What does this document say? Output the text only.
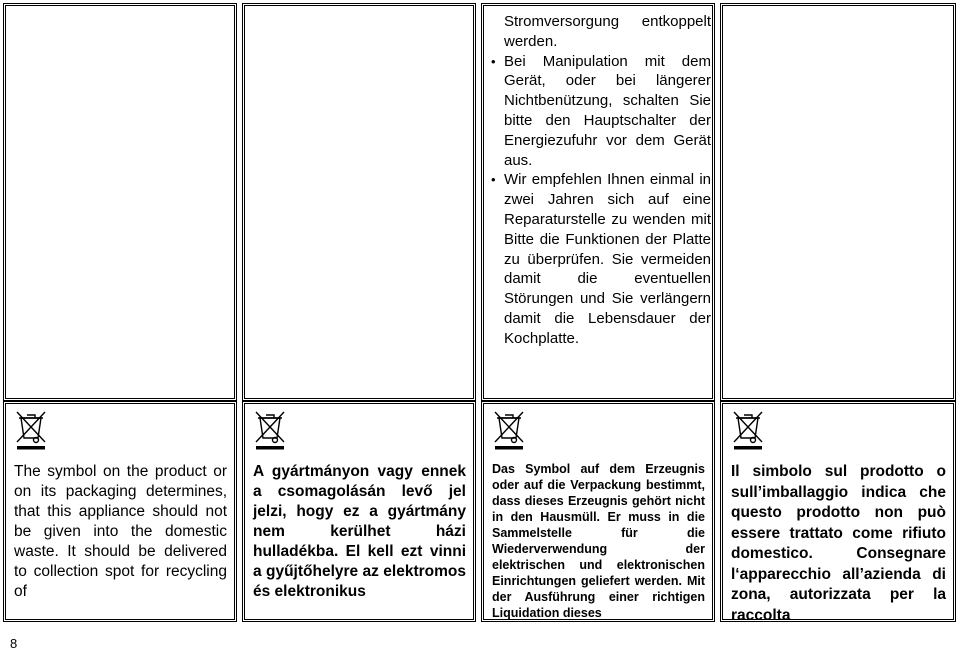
Stromversorgung entkoppelt werden.

• Bei Manipulation mit dem Gerät, oder bei längerer Nichtbenützung, schalten Sie bitte den Hauptschalter der Energiezufuhr vor dem Gerät aus.
• Wir empfehlen Ihnen einmal in zwei Jahren sich auf eine Reparaturstelle zu wenden mit Bitte die Funktionen der Platte zu überprüfen. Sie vermeiden damit die eventuellen Störungen und Sie verlängern damit die Lebensdauer der Kochplatte.
The symbol on the product or on its packaging determines, that this appliance should not be given into the domestic waste. It should be delivered to collection spot for recycling of
A gyártmányon vagy ennek a csomagolásán levő jel jelzi, hogy ez a gyártmány nem kerülhet házi hulladékba. El kell ezt vinni a gyűjtőhelyre az elektromos és elektronikus
Das Symbol auf dem Erzeugnis oder auf die Verpackung bestimmt, dass dieses Erzeugnis gehört nicht in den Hausmüll. Er muss in die Sammelstelle für die Wiederverwendung der elektrischen und elektronischen Einrichtungen geliefert werden. Mit der Ausführung einer richtigen Liquidation dieses
Il simbolo sul prodotto o sull’imballaggio indica che questo prodotto non può essere trattato come rifiuto domestico. Consegnare l‘apparecchio all’azienda di zona, autorizzata per la raccolta
8
